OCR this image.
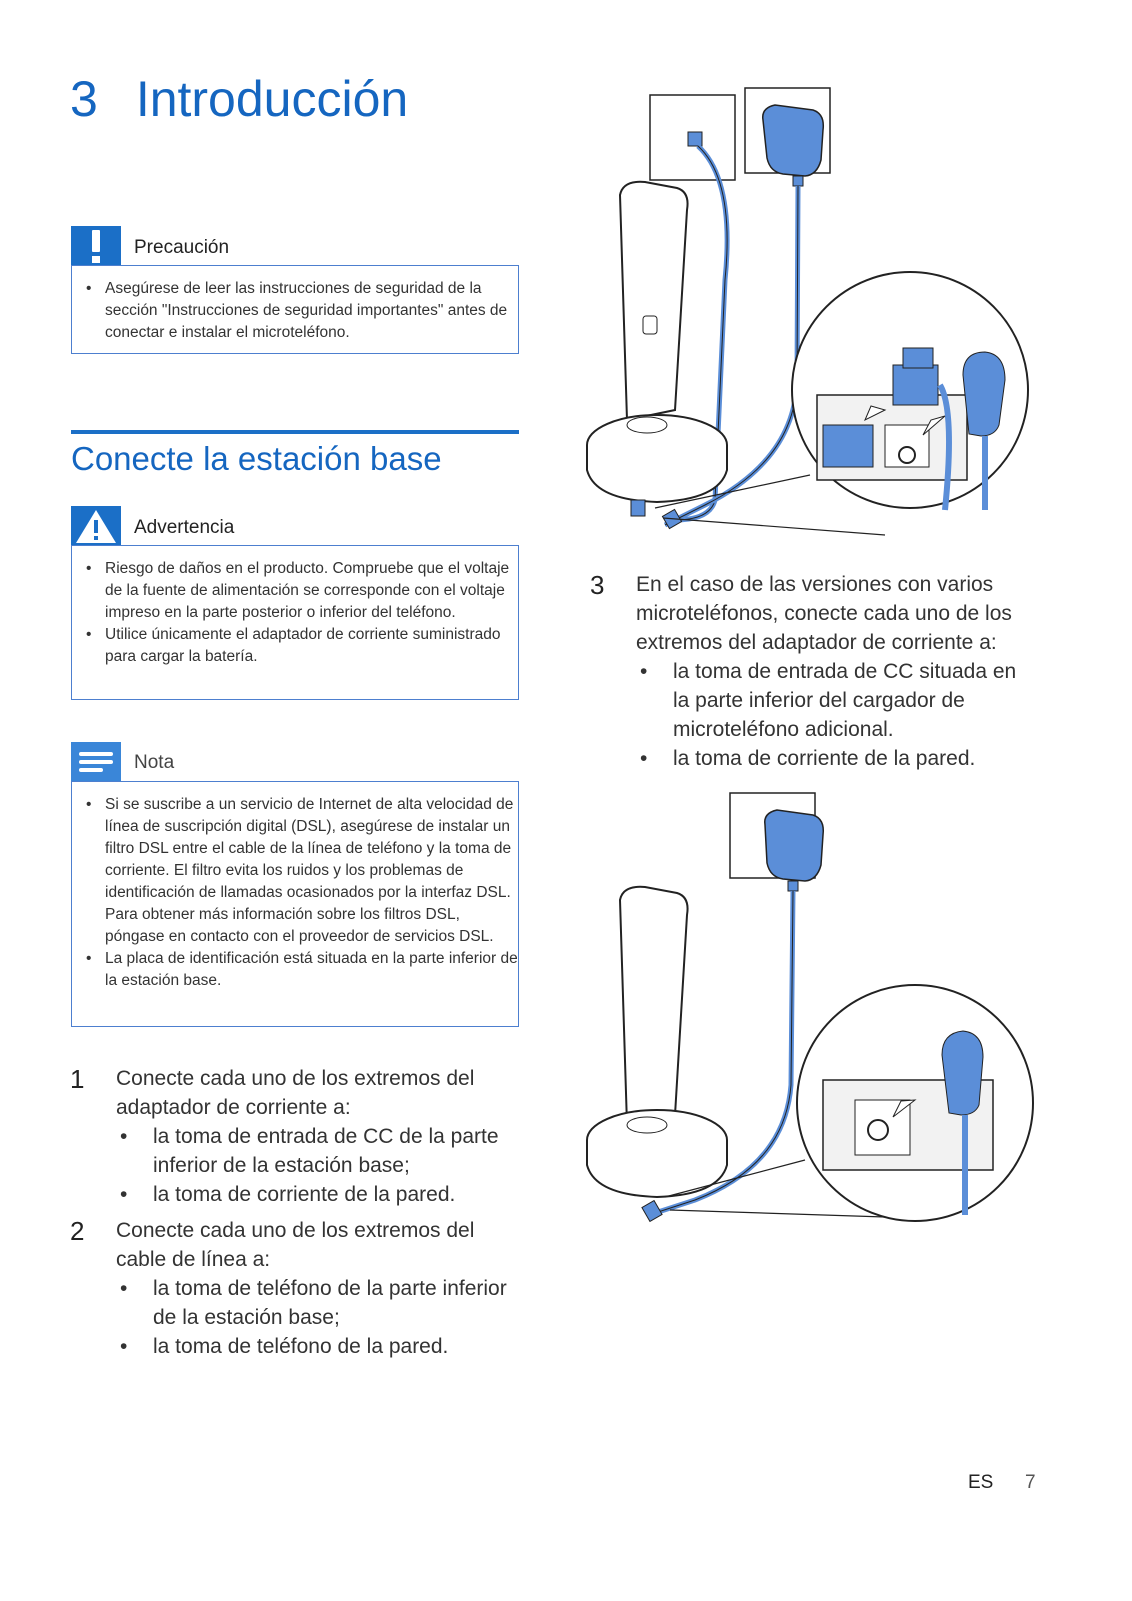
3 Introducción
Precaución
• Asegúrese de leer las instrucciones de seguridad de la sección "Instrucciones de seguridad importantes" antes de conectar e instalar el microteléfono.
Conecte la estación base
Advertencia
• Riesgo de daños en el producto. Compruebe que el voltaje de la fuente de alimentación se corresponde con el voltaje impreso en la parte posterior o inferior del teléfono.
• Utilice únicamente el adaptador de corriente suministrado para cargar la batería.
Nota
• Si se suscribe a un servicio de Internet de alta velocidad de línea de suscripción digital (DSL), asegúrese de instalar un filtro DSL entre el cable de la línea de teléfono y la toma de corriente. El filtro evita los ruidos y los problemas de identificación de llamadas ocasionados por la interfaz DSL. Para obtener más información sobre los filtros DSL, póngase en contacto con el proveedor de servicios DSL.
• La placa de identificación está situada en la parte inferior de la estación base.
1 Conecte cada uno de los extremos del adaptador de corriente a:
• la toma de entrada de CC de la parte inferior de la estación base;
• la toma de corriente de la pared.
2 Conecte cada uno de los extremos del cable de línea a:
• la toma de teléfono de la parte inferior de la estación base;
• la toma de teléfono de la pared.
3 En el caso de las versiones con varios microteléfonos, conecte cada uno de los extremos del adaptador de corriente a:
• la toma de entrada de CC situada en la parte inferior del cargador de microteléfono adicional.
• la toma de corriente de la pared.
ES 7
